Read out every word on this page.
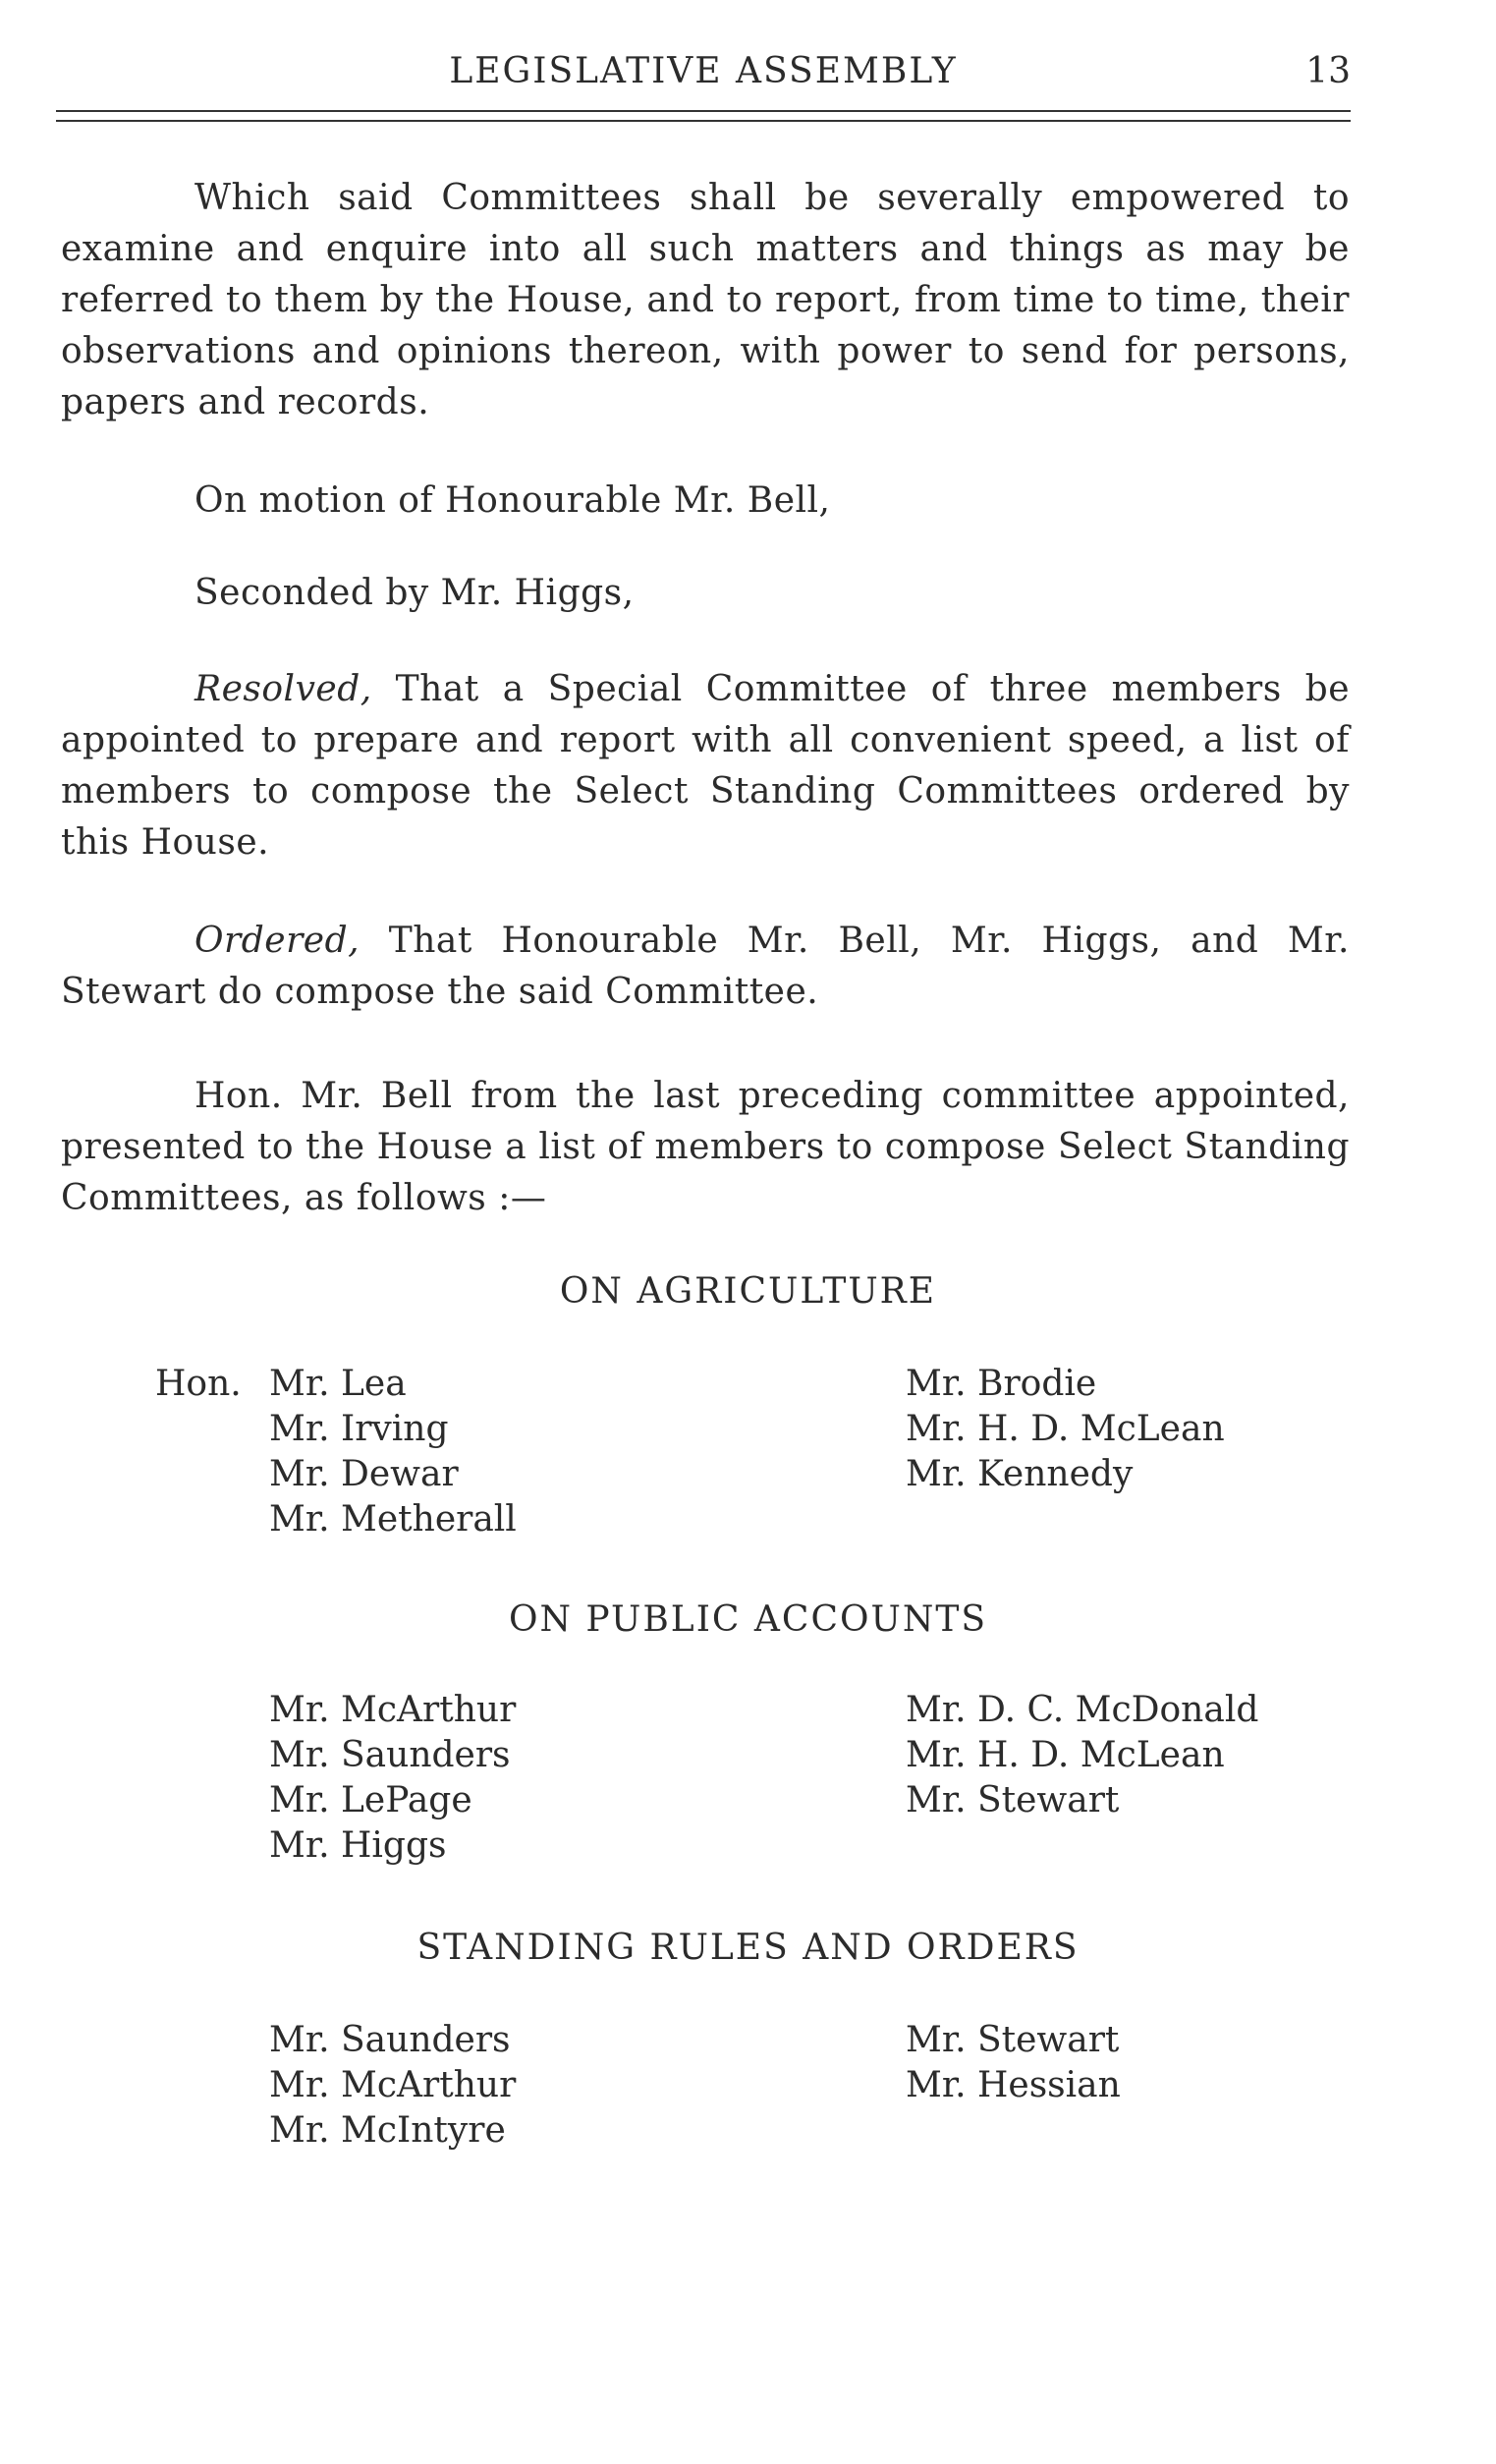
LEGISLATIVE ASSEMBLY	13

Which said Committees shall be severally empowered to examine and enquire into all such matters and things as may be referred to them by the House, and to report, from time to time, their observations and opinions thereon, with power to send for persons, papers and records.

On motion of Honourable Mr. Bell,

Seconded by Mr. Higgs,

Resolved, That a Special Committee of three members be appointed to prepare and report with all convenient speed, a list of members to compose the Select Standing Committees ordered by this House.

Ordered, That Honourable Mr. Bell, Mr. Higgs, and Mr. Stewart do compose the said Committee.

Hon. Mr. Bell from the last preceding committee appointed, presented to the House a list of members to compose Select Standing Committees, as follows :—

ON AGRICULTURE
Hon. Mr. Lea
Mr. Irving
Mr. Dewar
Mr. Metherall
Mr. Brodie
Mr. H. D. McLean
Mr. Kennedy
ON PUBLIC ACCOUNTS
Mr. McArthur
Mr. Saunders
Mr. LePage
Mr. Higgs
Mr. D. C. McDonald
Mr. H. D. McLean
Mr. Stewart
STANDING RULES AND ORDERS
Mr. Saunders
Mr. McArthur
Mr. McIntyre
Mr. Stewart
Mr. Hessian
